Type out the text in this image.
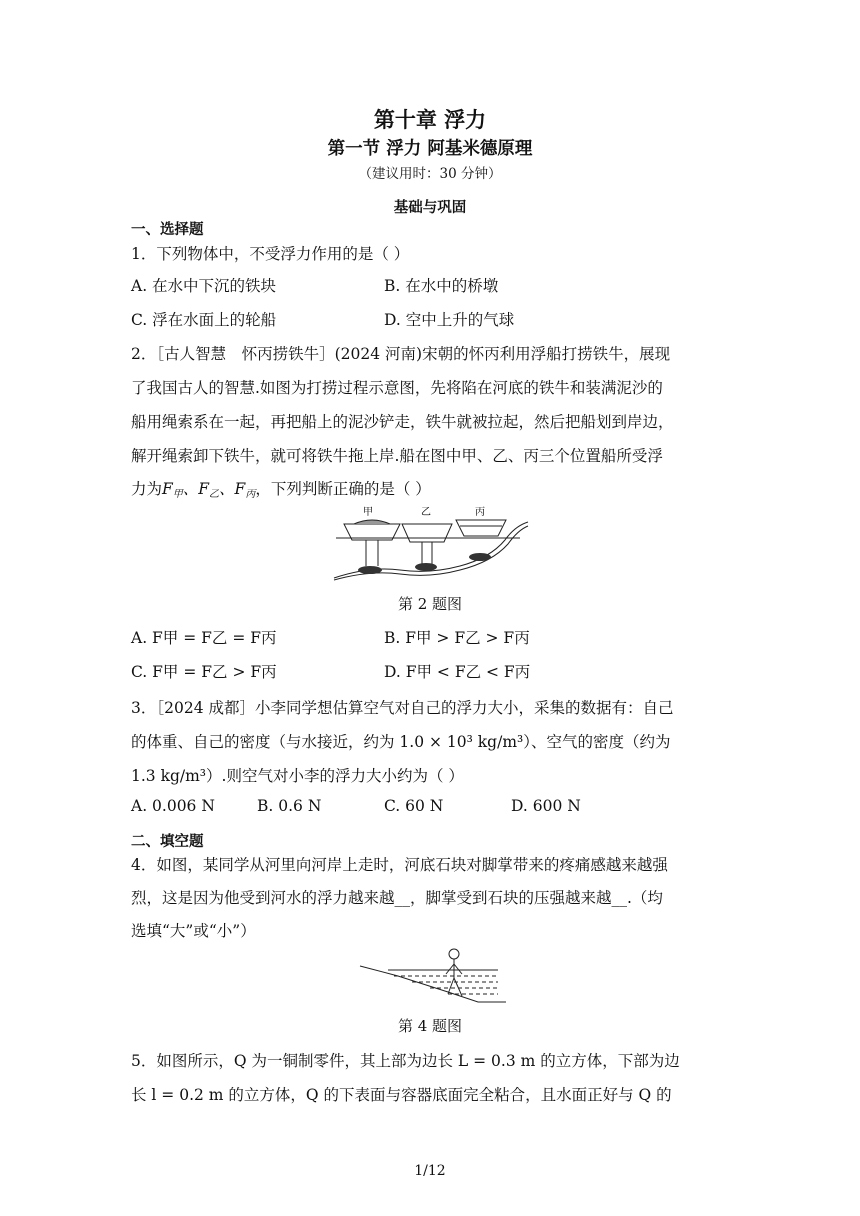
第十章 浮力
第一节 浮力 阿基米德原理
（建议用时：30 分钟）
基础与巩固
一、选择题
1．下列物体中，不受浮力作用的是（ ）
A. 在水中下沉的铁块	B. 在水中的桥墩
C. 浮在水面上的轮船	D. 空中上升的气球
2．［古人智慧　怀丙捞铁牛］(2024 河南)宋朝的怀丙利用浮船打捞铁牛，展现
了我国古人的智慧.如图为打捞过程示意图，先将陷在河底的铁牛和装满泥沙的
船用绳索系在一起，再把船上的泥沙铲走，铁牛就被拉起，然后把船划到岸边，
解开绳索卸下铁牛，就可将铁牛拖上岸.船在图中甲、乙、丙三个位置船所受浮
力为$F_甲$、$F_乙$、$F_丙$，下列判断正确的是（ ）
甲	乙	丙
第 2 题图
A. F甲 = F乙 = F丙	B. F甲 > F乙 > F丙
C. F甲 = F乙 > F丙	D. F甲 < F乙 < F丙
3．［2024 成都］小李同学想估算空气对自己的浮力大小，采集的数据有：自己
的体重、自己的密度（与水接近，约为 1.0 × 10³ kg/m³）、空气的密度（约为
1.3 kg/m³）.则空气对小李的浮力大小约为（ ）
A. 0.006 N	B. 0.6 N	C. 60 N	D. 600 N
二、填空题
4．如图，某同学从河里向河岸上走时，河底石块对脚掌带来的疼痛感越来越强
烈，这是因为他受到河水的浮力越来越__，脚掌受到石块的压强越来越__.（均
选填“大”或“小”）
第 4 题图
5．如图所示，Q 为一铜制零件，其上部为边长 L = 0.3 m 的立方体，下部为边
长 l = 0.2 m 的立方体，Q 的下表面与容器底面完全粘合，且水面正好与 Q 的
1/12
